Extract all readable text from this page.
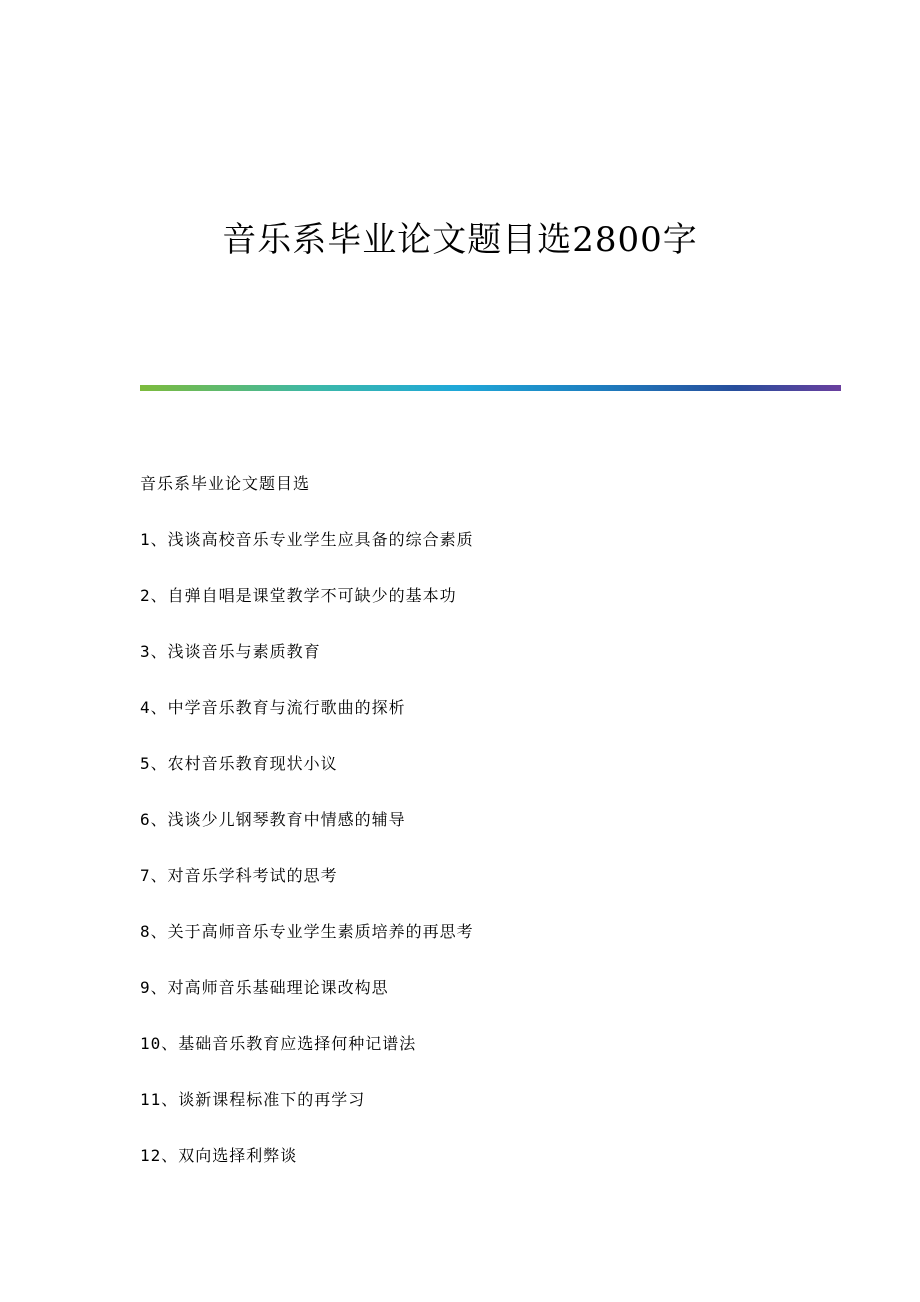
音乐系毕业论文题目选2800字

音乐系毕业论文题目选

1、浅谈高校音乐专业学生应具备的综合素质
2、自弹自唱是课堂教学不可缺少的基本功
3、浅谈音乐与素质教育
4、中学音乐教育与流行歌曲的探析
5、农村音乐教育现状小议
6、浅谈少儿钢琴教育中情感的辅导
7、对音乐学科考试的思考
8、关于高师音乐专业学生素质培养的再思考
9、对高师音乐基础理论课改构思
10、基础音乐教育应选择何种记谱法
11、谈新课程标准下的再学习
12、双向选择利弊谈
